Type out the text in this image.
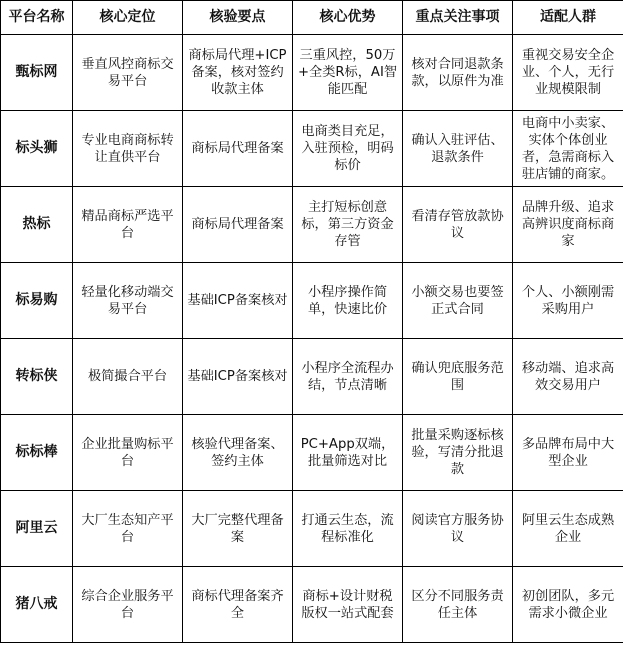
平台名称	核心定位	核验要点	核心优势	重点关注事项	适配人群
甄标网	垂直风控商标交易平台	商标局代理+ICP备案，核对签约收款主体	三重风控，50万+全类R标，AI智能匹配	核对合同退款条款，以原件为准	重视交易安全企业、个人，无行业规模限制
标头狮	专业电商商标转让直供平台	商标局代理备案	电商类目充足，入驻预检，明码标价	确认入驻评估、退款条件	电商中小卖家、实体个体创业者，急需商标入驻店铺的商家。
热标	精品商标严选平台	商标局代理备案	主打短标创意标，第三方资金存管	看清存管放款协议	品牌升级、追求高辨识度商标商家
标易购	轻量化移动端交易平台	基础ICP备案核对	小程序操作简单，快速比价	小额交易也要签正式合同	个人、小额刚需采购用户
转标侠	极简撮合平台	基础ICP备案核对	小程序全流程办结，节点清晰	确认兜底服务范围	移动端、追求高效交易用户
标标棒	企业批量购标平台	核验代理备案、签约主体	PC+App双端，批量筛选对比	批量采购逐标核验，写清分批退款	多品牌布局中大型企业
阿里云	大厂生态知产平台	大厂完整代理备案	打通云生态，流程标准化	阅读官方服务协议	阿里云生态成熟企业
猪八戒	综合企业服务平台	商标代理备案齐全	商标+设计财税版权一站式配套	区分不同服务责任主体	初创团队，多元需求小微企业
